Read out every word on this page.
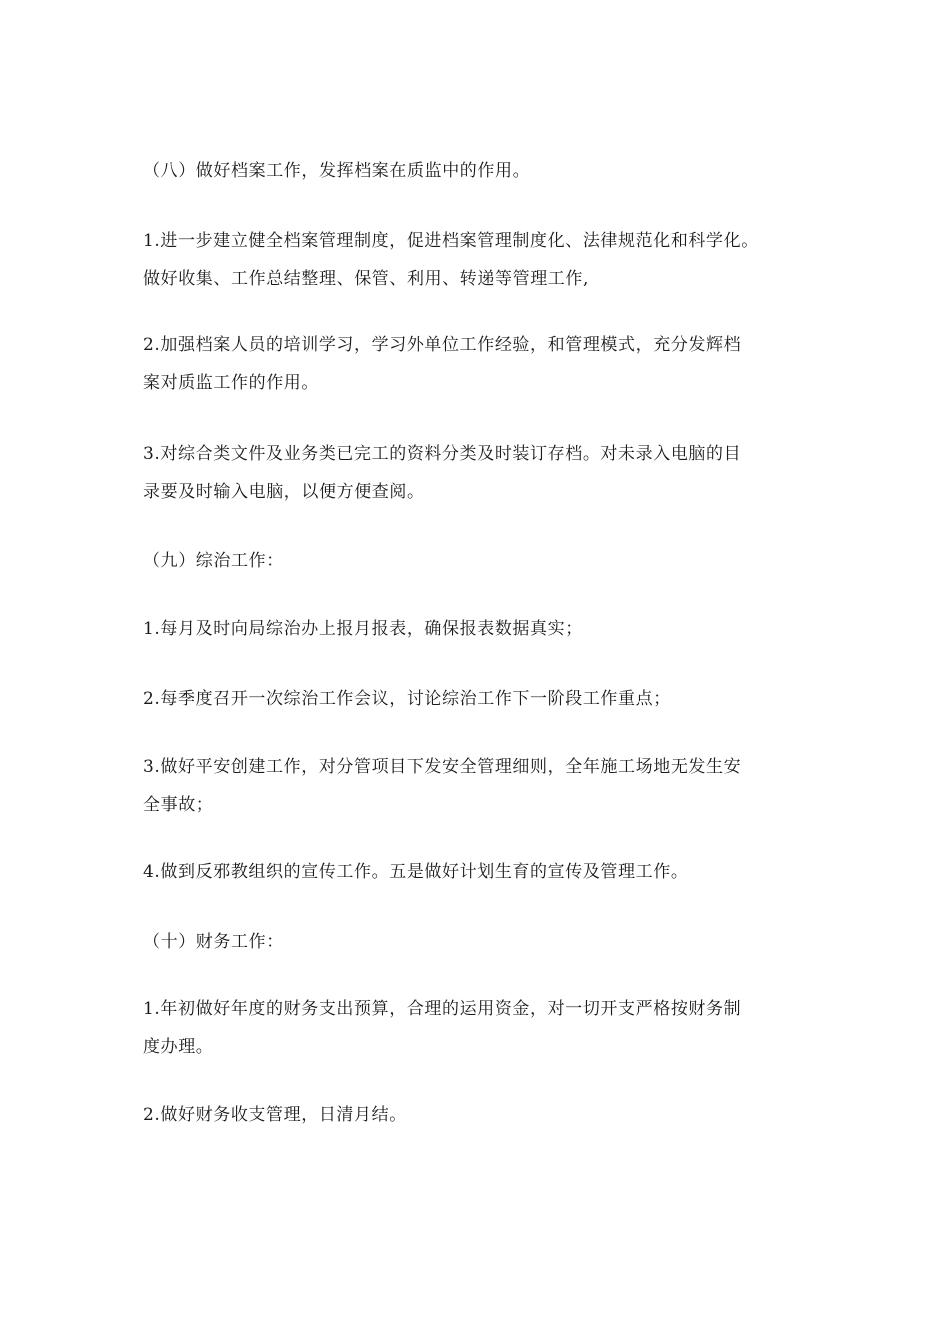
（八）做好档案工作，发挥档案在质监中的作用。

1.进一步建立健全档案管理制度，促进档案管理制度化、法律规范化和科学化。
做好收集、工作总结整理、保管、利用、转递等管理工作,

2.加强档案人员的培训学习，学习外单位工作经验，和管理模式，充分发辉档
案对质监工作的作用。

3.对综合类文件及业务类已完工的资料分类及时装订存档。对未录入电脑的目
录要及时输入电脑，以便方便查阅。

（九）综治工作：

1.每月及时向局综治办上报月报表，确保报表数据真实；

2.每季度召开一次综治工作会议，讨论综治工作下一阶段工作重点；

3.做好平安创建工作，对分管项目下发安全管理细则，全年施工场地无发生安
全事故；

4.做到反邪教组织的宣传工作。五是做好计划生育的宣传及管理工作。

（十）财务工作：

1.年初做好年度的财务支出预算，合理的运用资金，对一切开支严格按财务制
度办理。

2.做好财务收支管理，日清月结。
